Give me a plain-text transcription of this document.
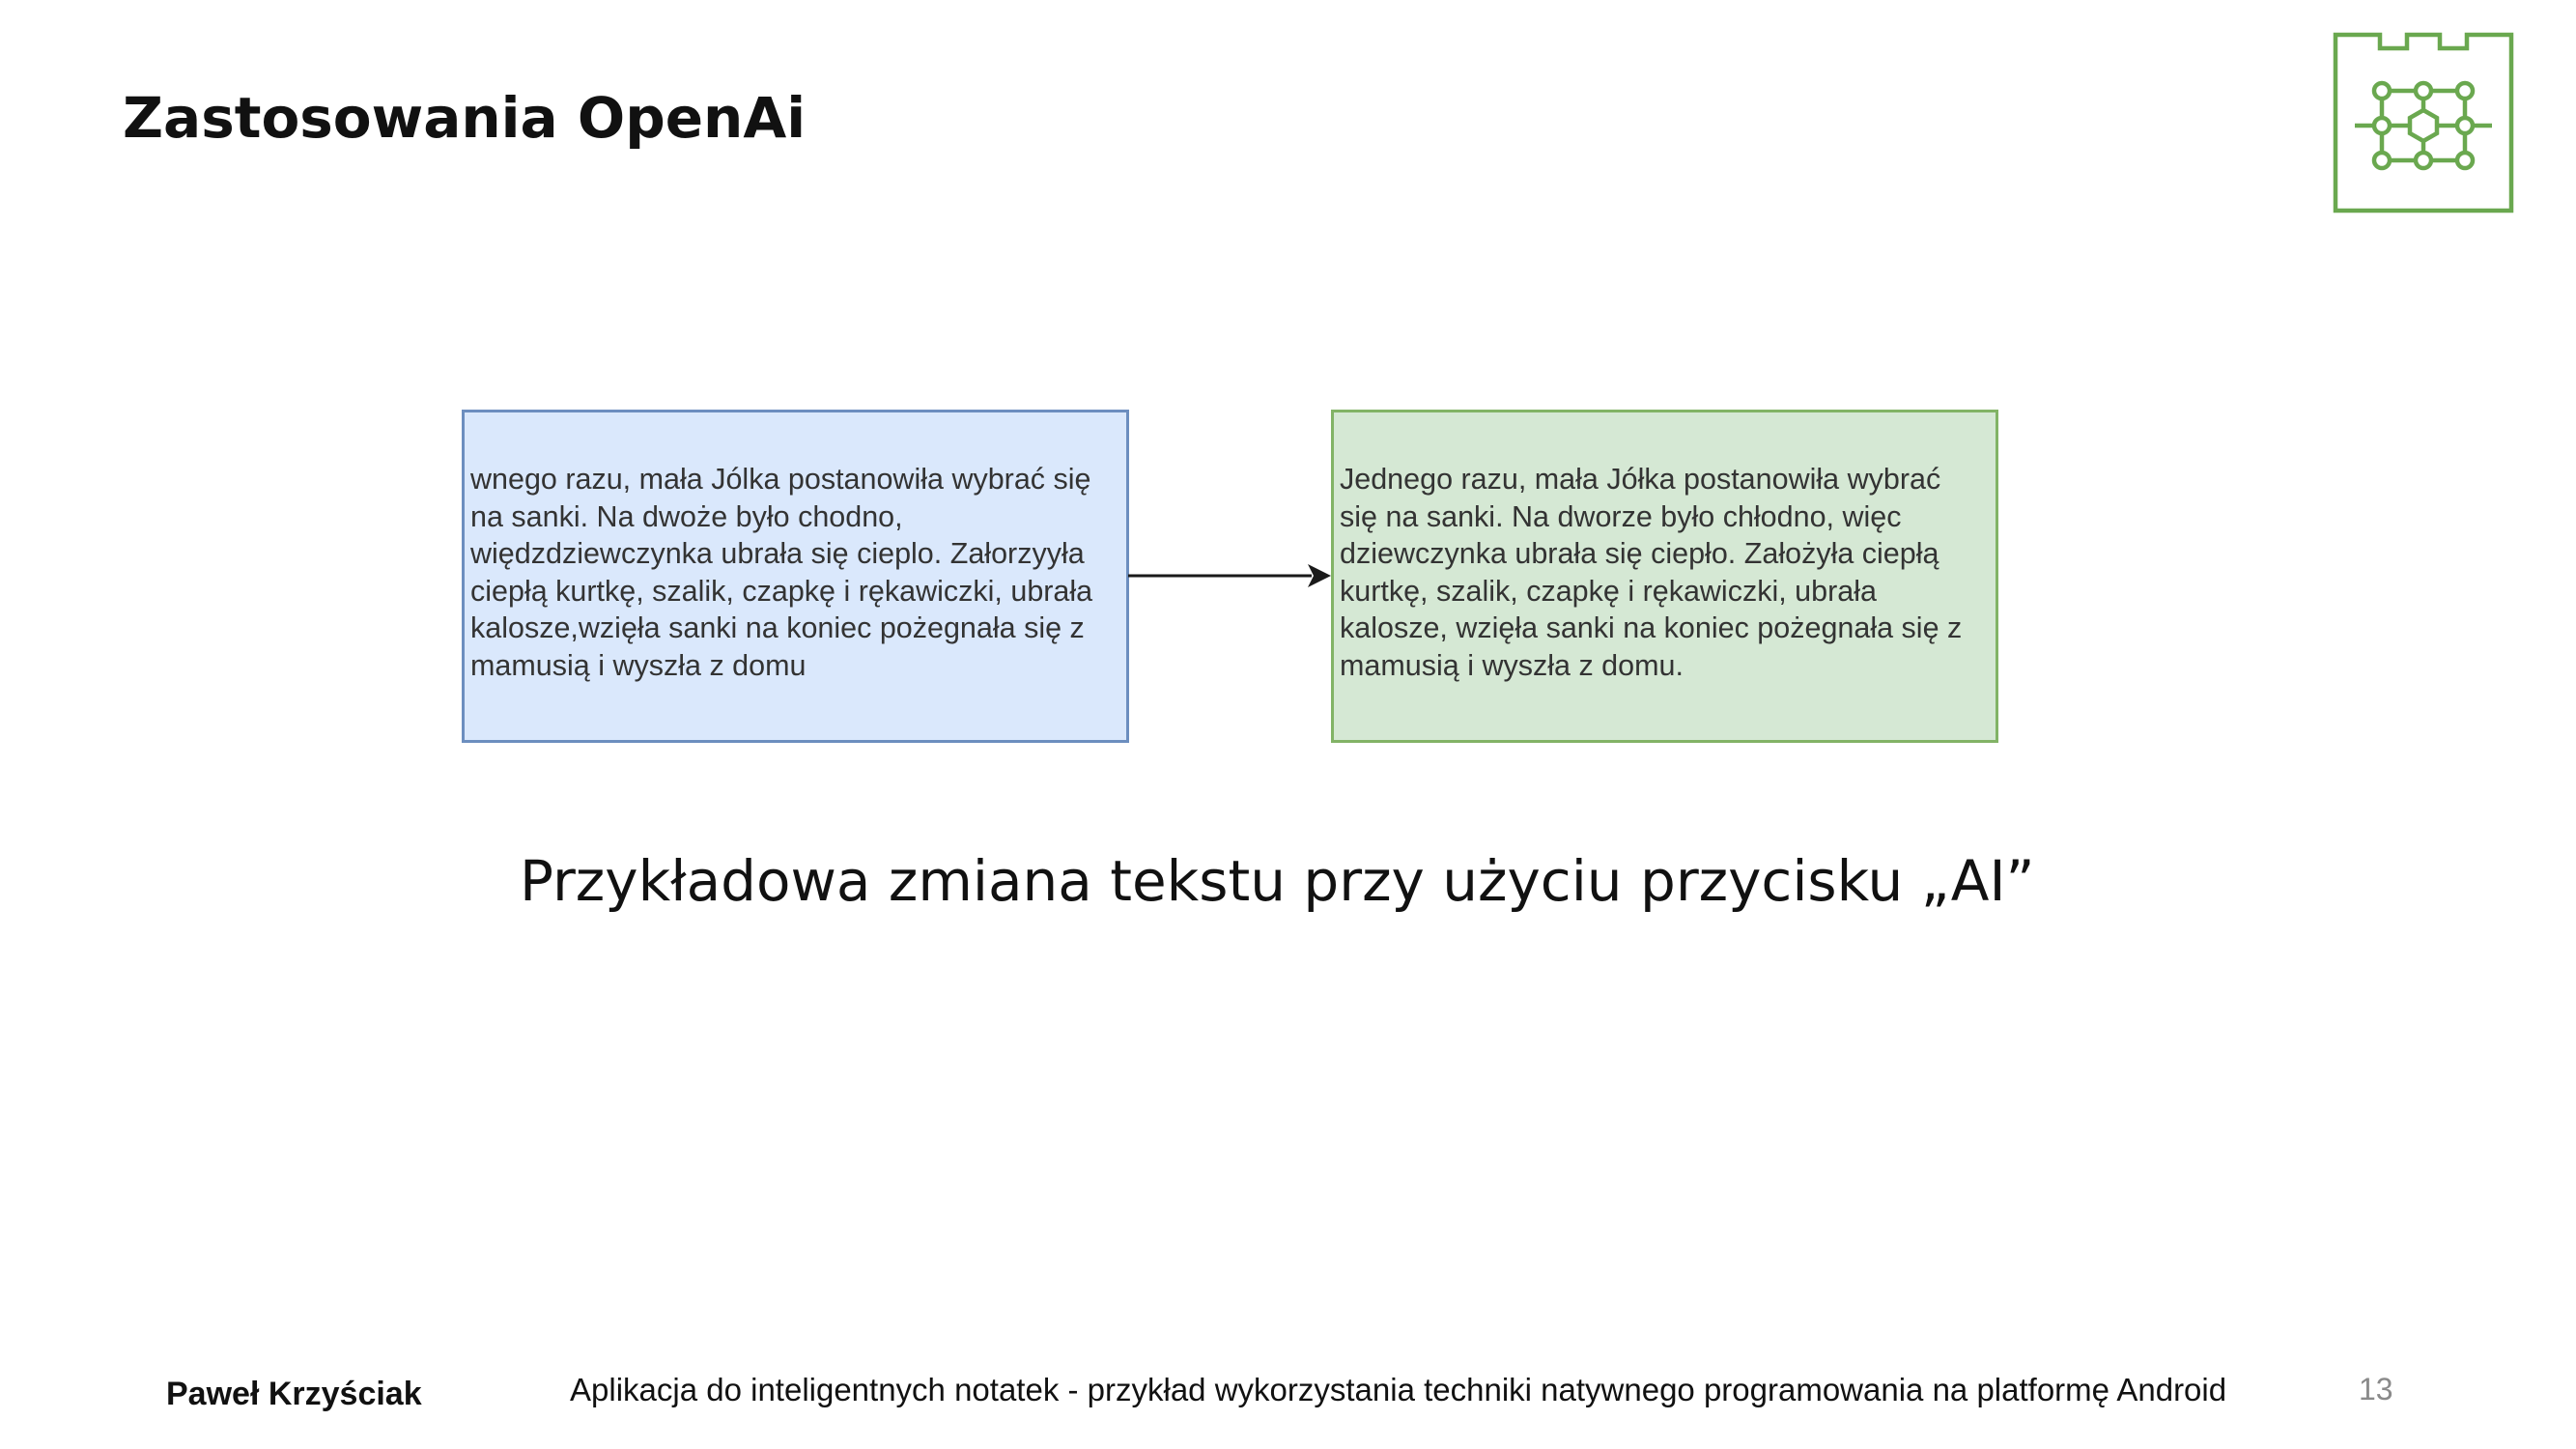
Zastosowania OpenAi
wnego razu, mała Jólka postanowiła wybrać się
na sanki. Na dwoże było chodno,
więdzdziewczynka ubrała się cieplo. Załorzyyła
ciepłą kurtkę, szalik, czapkę i rękawiczki, ubrała
kalosze,wzięła sanki na koniec pożegnała się z
mamusią i wyszła z domu
Jednego razu, mała Jółka postanowiła wybrać
się na sanki. Na dworze było chłodno, więc
dziewczynka ubrała się ciepło. Założyła ciepłą
kurtkę, szalik, czapkę i rękawiczki, ubrała
kalosze, wzięła sanki na koniec pożegnała się z
mamusią i wyszła z domu.
Przykładowa zmiana tekstu przy użyciu przycisku „AI”
Paweł Krzyściak	Aplikacja do inteligentnych notatek - przykład wykorzystania techniki natywnego programowania na platformę Android	13
